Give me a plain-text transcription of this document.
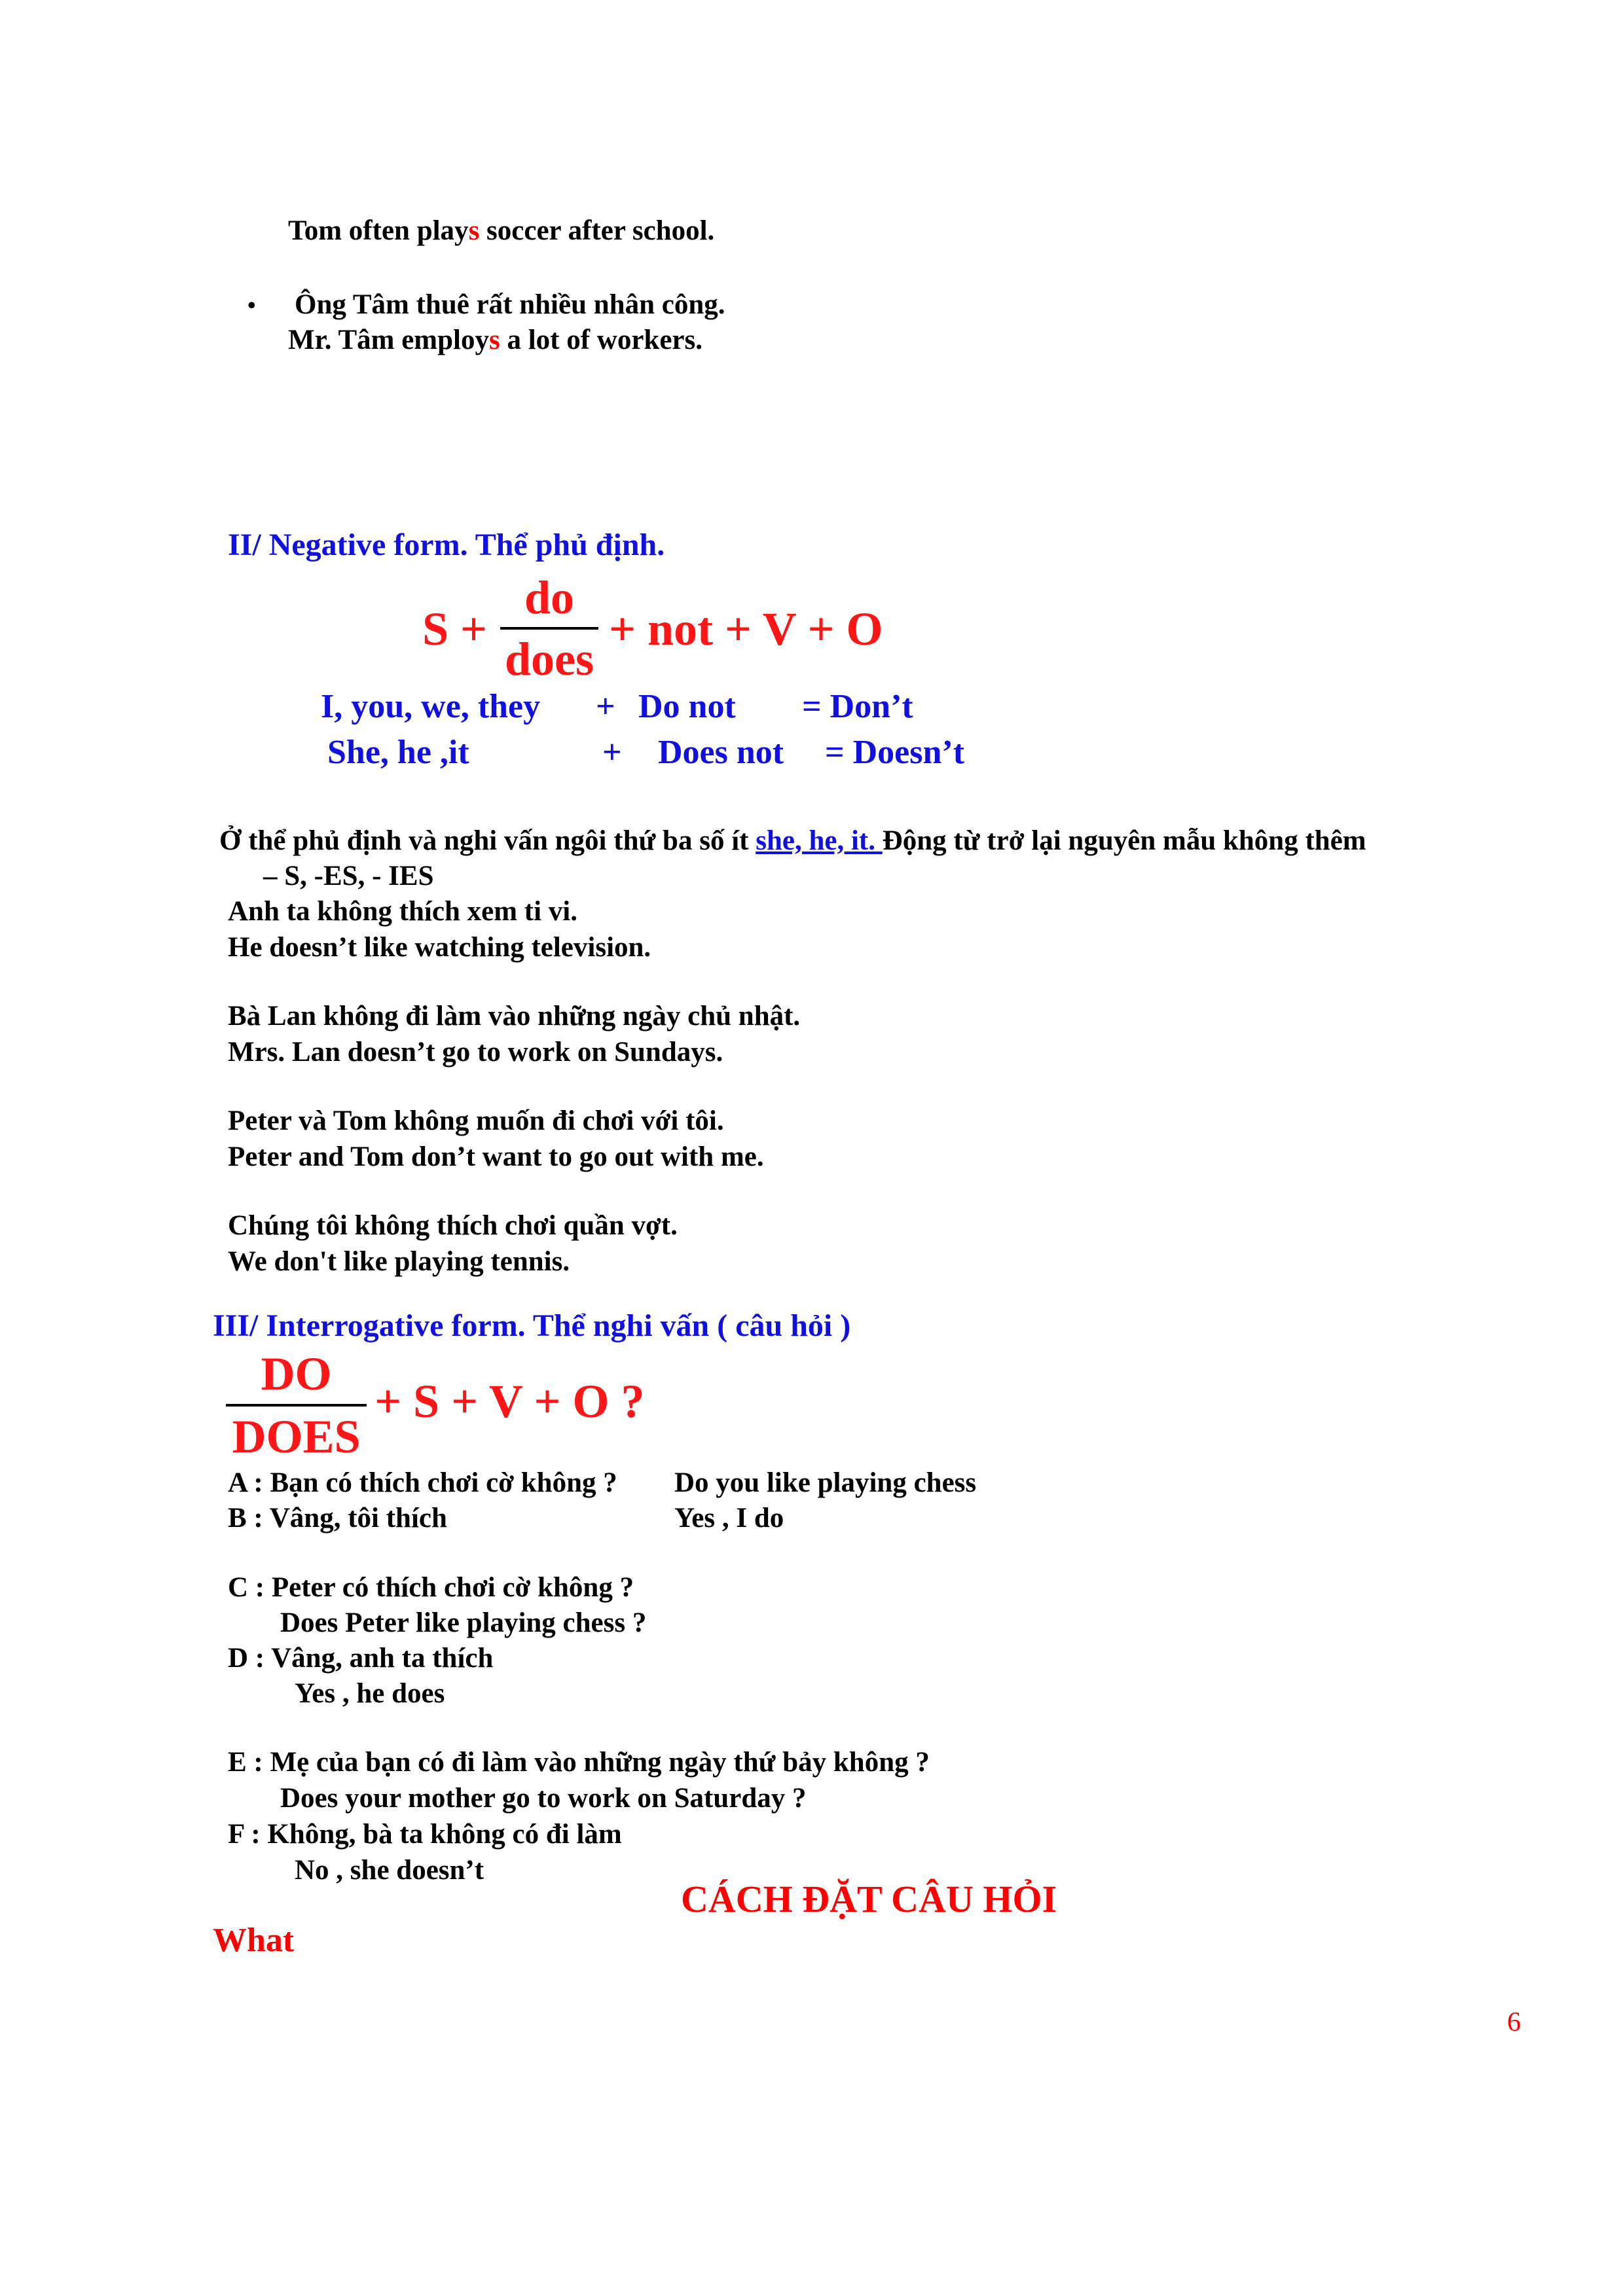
Tom often plays soccer after school.
• Ông Tâm thuê rất nhiều nhân công.
Mr. Tâm employs a lot of workers.
II/ Negative form. Thể phủ định.
S +
do
does
+ not + V + O
I, you, we, they + Do not = Don’t
She, he ,it	+ Does not = Doesn’t
Ở thể phủ định và nghi vấn ngôi thứ ba số ít she, he, it. Động từ trở lại nguyên mẫu không thêm
– S, -ES, - IES
Anh ta không thích xem ti vi.
He doesn’t like watching television.
Bà Lan không đi làm vào những ngày chủ nhật.
Mrs. Lan doesn’t go to work on Sundays.
Peter và Tom không muốn đi chơi với tôi.
Peter and Tom don’t want to go out with me.
Chúng tôi không thích chơi quần vợt.
We don't like playing tennis.
III/ Interrogative form. Thể nghi vấn ( câu hỏi )
DO
DOES
+ S + V + O ?
A : Bạn có thích chơi cờ không ? Do you like playing chess
B : Vâng, tôi thích	Yes , I do
C : Peter có thích chơi cờ không ?
Does Peter like playing chess ?
D : Vâng, anh ta thích
Yes , he does
E : Mẹ của bạn có đi làm vào những ngày thứ bảy không ?
Does your mother go to work on Saturday ?
F : Không, bà ta không có đi làm
No , she doesn’t
CÁCH ĐẶT CÂU HỎI
What
6
